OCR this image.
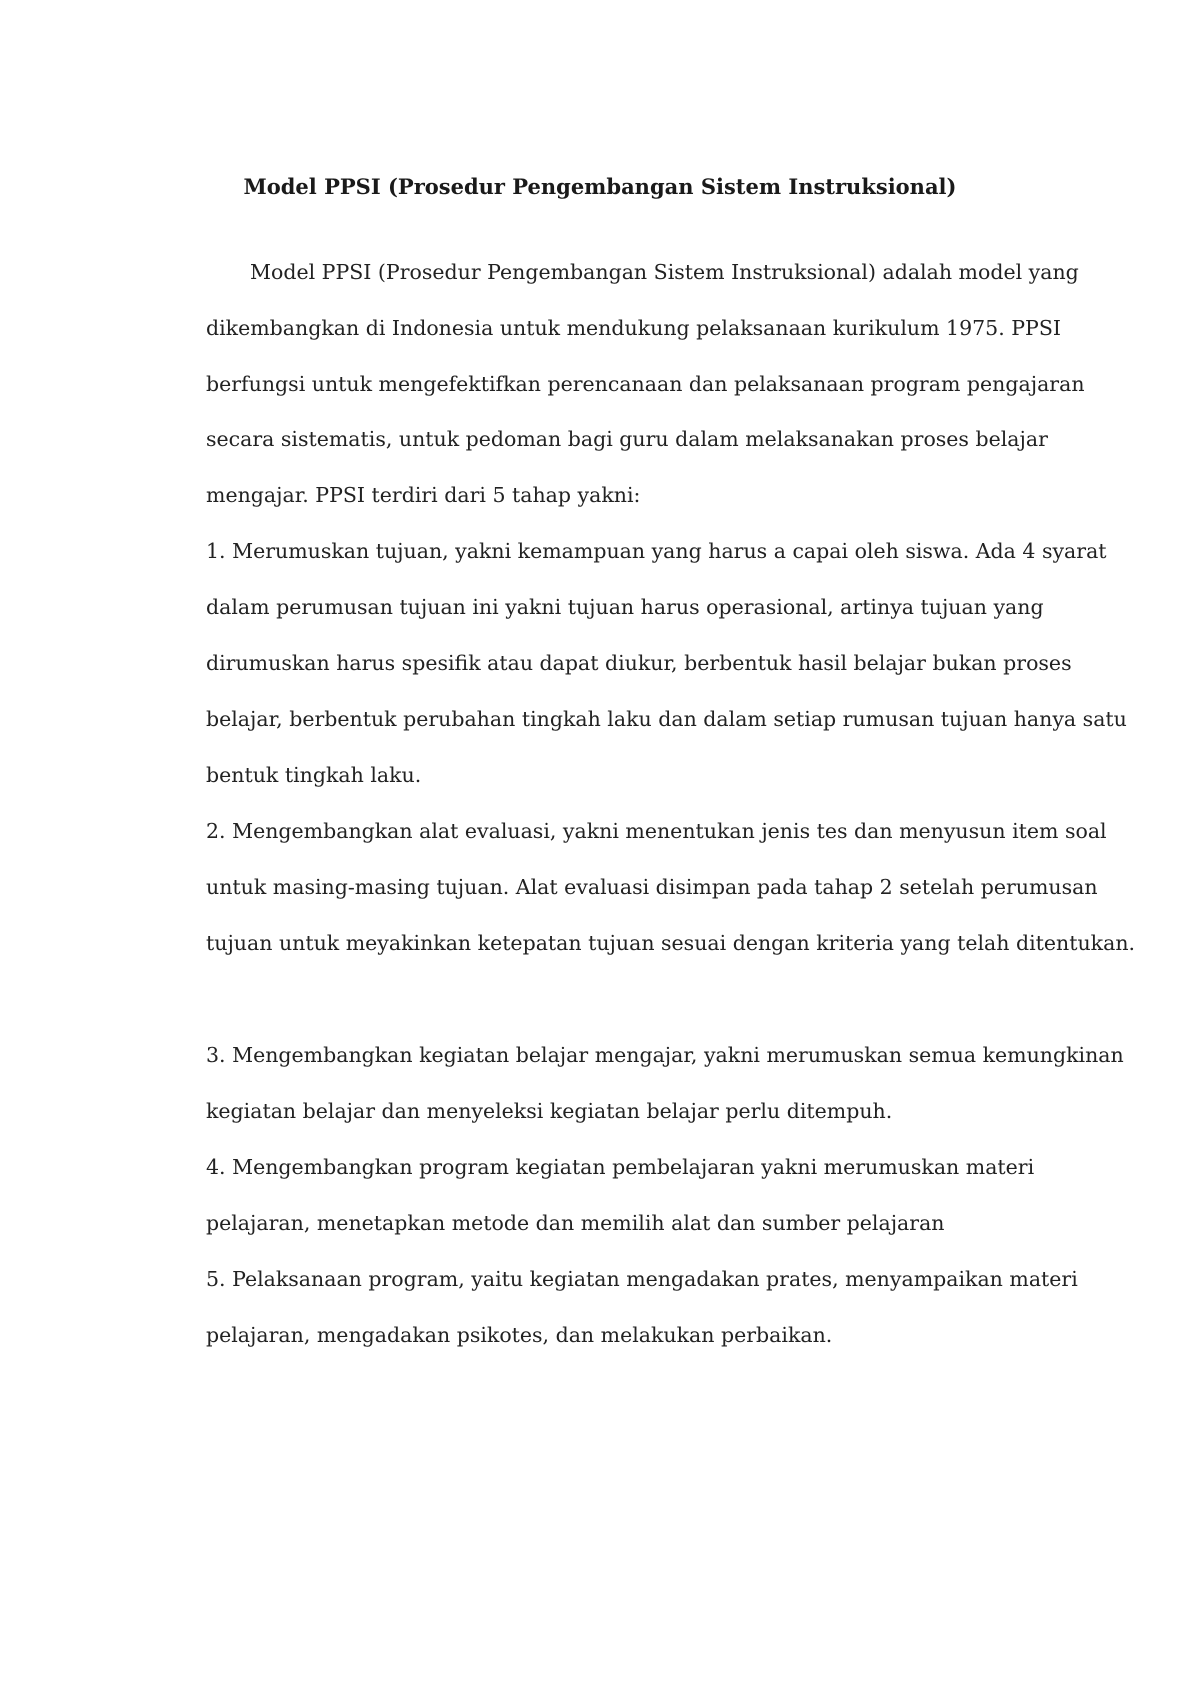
Model PPSI (Prosedur Pengembangan Sistem Instruksional)
Model PPSI (Prosedur Pengembangan Sistem Instruksional) adalah model yang
dikembangkan di Indonesia untuk mendukung pelaksanaan kurikulum 1975. PPSI
berfungsi untuk mengefektifkan perencanaan dan pelaksanaan program pengajaran
secara sistematis, untuk pedoman bagi guru dalam melaksanakan proses belajar
mengajar. PPSI terdiri dari 5 tahap yakni:
1. Merumuskan tujuan, yakni kemampuan yang harus a capai oleh siswa. Ada 4 syarat
dalam perumusan tujuan ini yakni tujuan harus operasional, artinya tujuan yang
dirumuskan harus spesifik atau dapat diukur, berbentuk hasil belajar bukan proses
belajar, berbentuk perubahan tingkah laku dan dalam setiap rumusan tujuan hanya satu
bentuk tingkah laku.
2. Mengembangkan alat evaluasi, yakni menentukan jenis tes dan menyusun item soal
untuk masing-masing tujuan. Alat evaluasi disimpan pada tahap 2 setelah perumusan
tujuan untuk meyakinkan ketepatan tujuan sesuai dengan kriteria yang telah ditentukan.
3. Mengembangkan kegiatan belajar mengajar, yakni merumuskan semua kemungkinan
kegiatan belajar dan menyeleksi kegiatan belajar perlu ditempuh.
4. Mengembangkan program kegiatan pembelajaran yakni merumuskan materi
pelajaran, menetapkan metode dan memilih alat dan sumber pelajaran
5. Pelaksanaan program, yaitu kegiatan mengadakan prates, menyampaikan materi
pelajaran, mengadakan psikotes, dan melakukan perbaikan.
